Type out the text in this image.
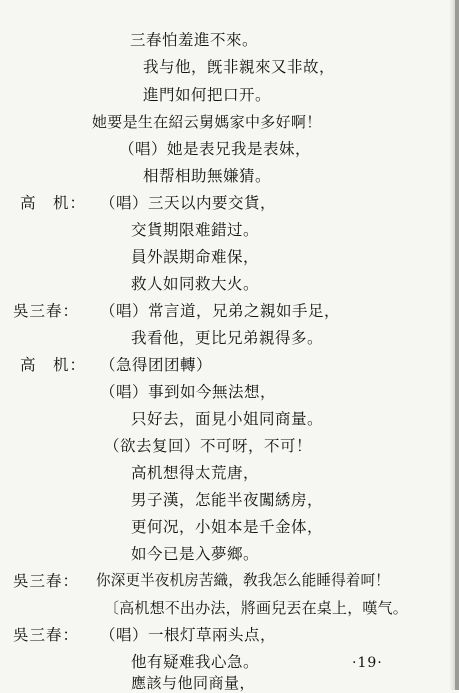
三春怕羞進不來。
我与他，旣非親來又非故，
進門如何把口开。
她要是生在紹云舅媽家中多好啊！
（唱）她是表兄我是表妹，
相帮相助無嫌猜。
高　机： （唱）三天以内要交貨，
交貨期限难錯过。
員外誤期命难保，
救人如同救大火。
吳三春： （唱）常言道，兄弟之親如手足，
我看他，更比兄弟親得多。
高　机： （急得团团轉）
（唱）事到如今無法想，
只好去，面見小姐同商量。
（欲去复回）不可呀，不可！
高机想得太荒唐，
男子漢，怎能半夜闖綉房，
更何况，小姐本是千金体，
如今已是入夢鄉。
吳三春： 你深更半夜机房苦織，敎我怎么能睡得着呵！
〔高机想不出办法，將画兒丟在桌上，嘆气。
吳三春： （唱）一根灯草兩头点，
他有疑难我心急。
應該与他同商量，
·19·
